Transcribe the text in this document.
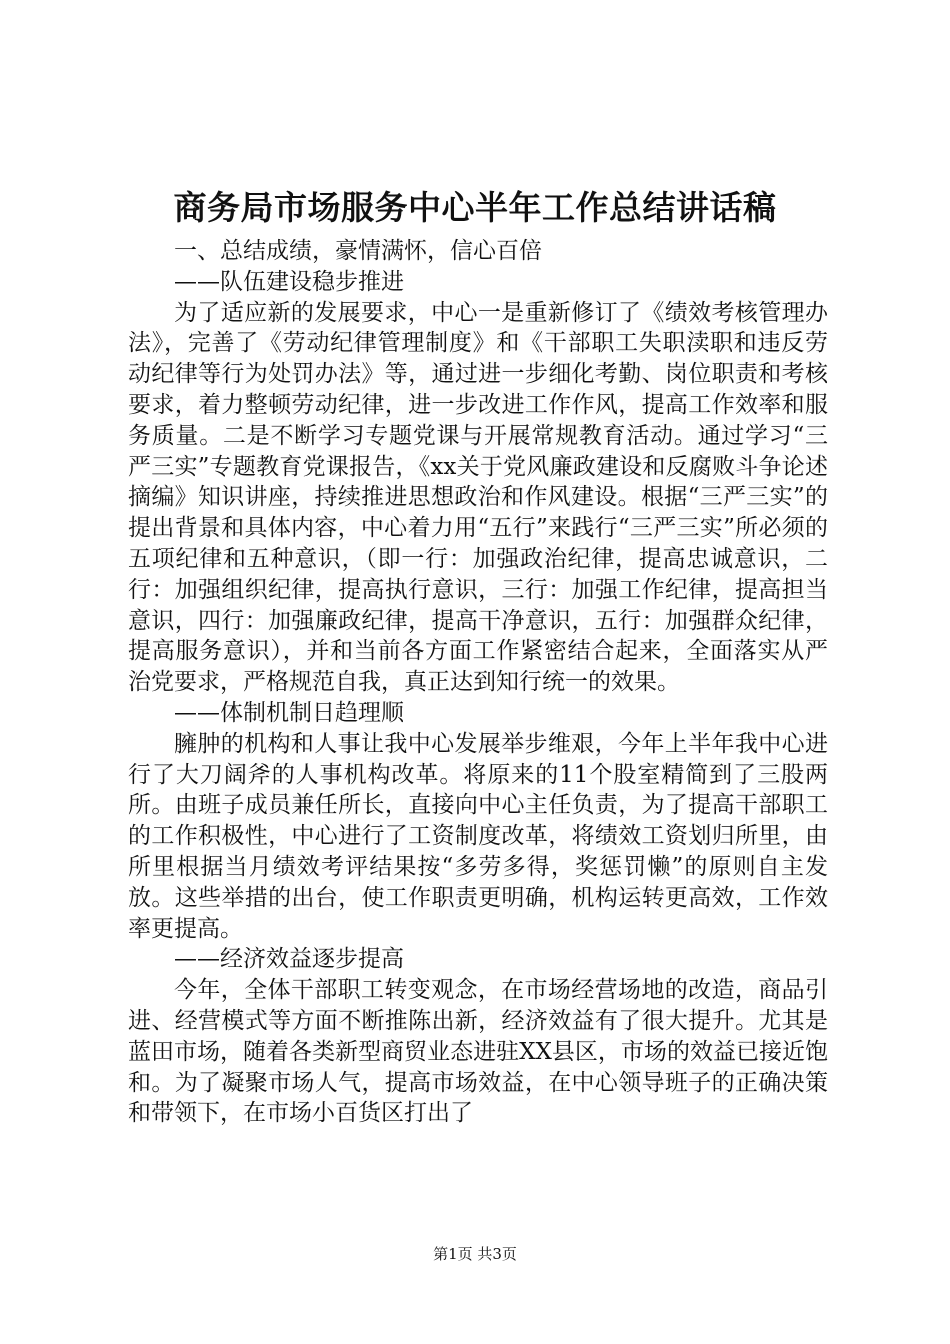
商务局市场服务中心半年工作总结讲话稿

一、总结成绩，豪情满怀，信心百倍

——队伍建设稳步推进

为了适应新的发展要求，中心一是重新修订了《绩效考核管理办法》，完善了《劳动纪律管理制度》和《干部职工失职渎职和违反劳动纪律等行为处罚办法》等，通过进一步细化考勤、岗位职责和考核要求，着力整顿劳动纪律，进一步改进工作作风，提高工作效率和服务质量。二是不断学习专题党课与开展常规教育活动。通过学习“三严三实”专题教育党课报告，《xx关于党风廉政建设和反腐败斗争论述摘编》知识讲座，持续推进思想政治和作风建设。根据“三严三实”的提出背景和具体内容，中心着力用“五行”来践行“三严三实”所必须的五项纪律和五种意识，（即一行：加强政治纪律，提高忠诚意识，二行：加强组织纪律，提高执行意识，三行：加强工作纪律，提高担当意识，四行：加强廉政纪律，提高干净意识，五行：加强群众纪律，提高服务意识），并和当前各方面工作紧密结合起来，全面落实从严治党要求，严格规范自我，真正达到知行统一的效果。

——体制机制日趋理顺

臃肿的机构和人事让我中心发展举步维艰，今年上半年我中心进行了大刀阔斧的人事机构改革。将原来的11个股室精简到了三股两所。由班子成员兼任所长，直接向中心主任负责，为了提高干部职工的工作积极性，中心进行了工资制度改革，将绩效工资划归所里，由所里根据当月绩效考评结果按“多劳多得，奖惩罚懒”的原则自主发放。这些举措的出台，使工作职责更明确，机构运转更高效，工作效率更提高。

——经济效益逐步提高

今年，全体干部职工转变观念，在市场经营场地的改造，商品引进、经营模式等方面不断推陈出新，经济效益有了很大提升。尤其是蓝田市场，随着各类新型商贸业态进驻XX县区，市场的效益已接近饱和。为了凝聚市场人气，提高市场效益，在中心领导班子的正确决策和带领下，在市场小百货区打出了

第1页 共3页
